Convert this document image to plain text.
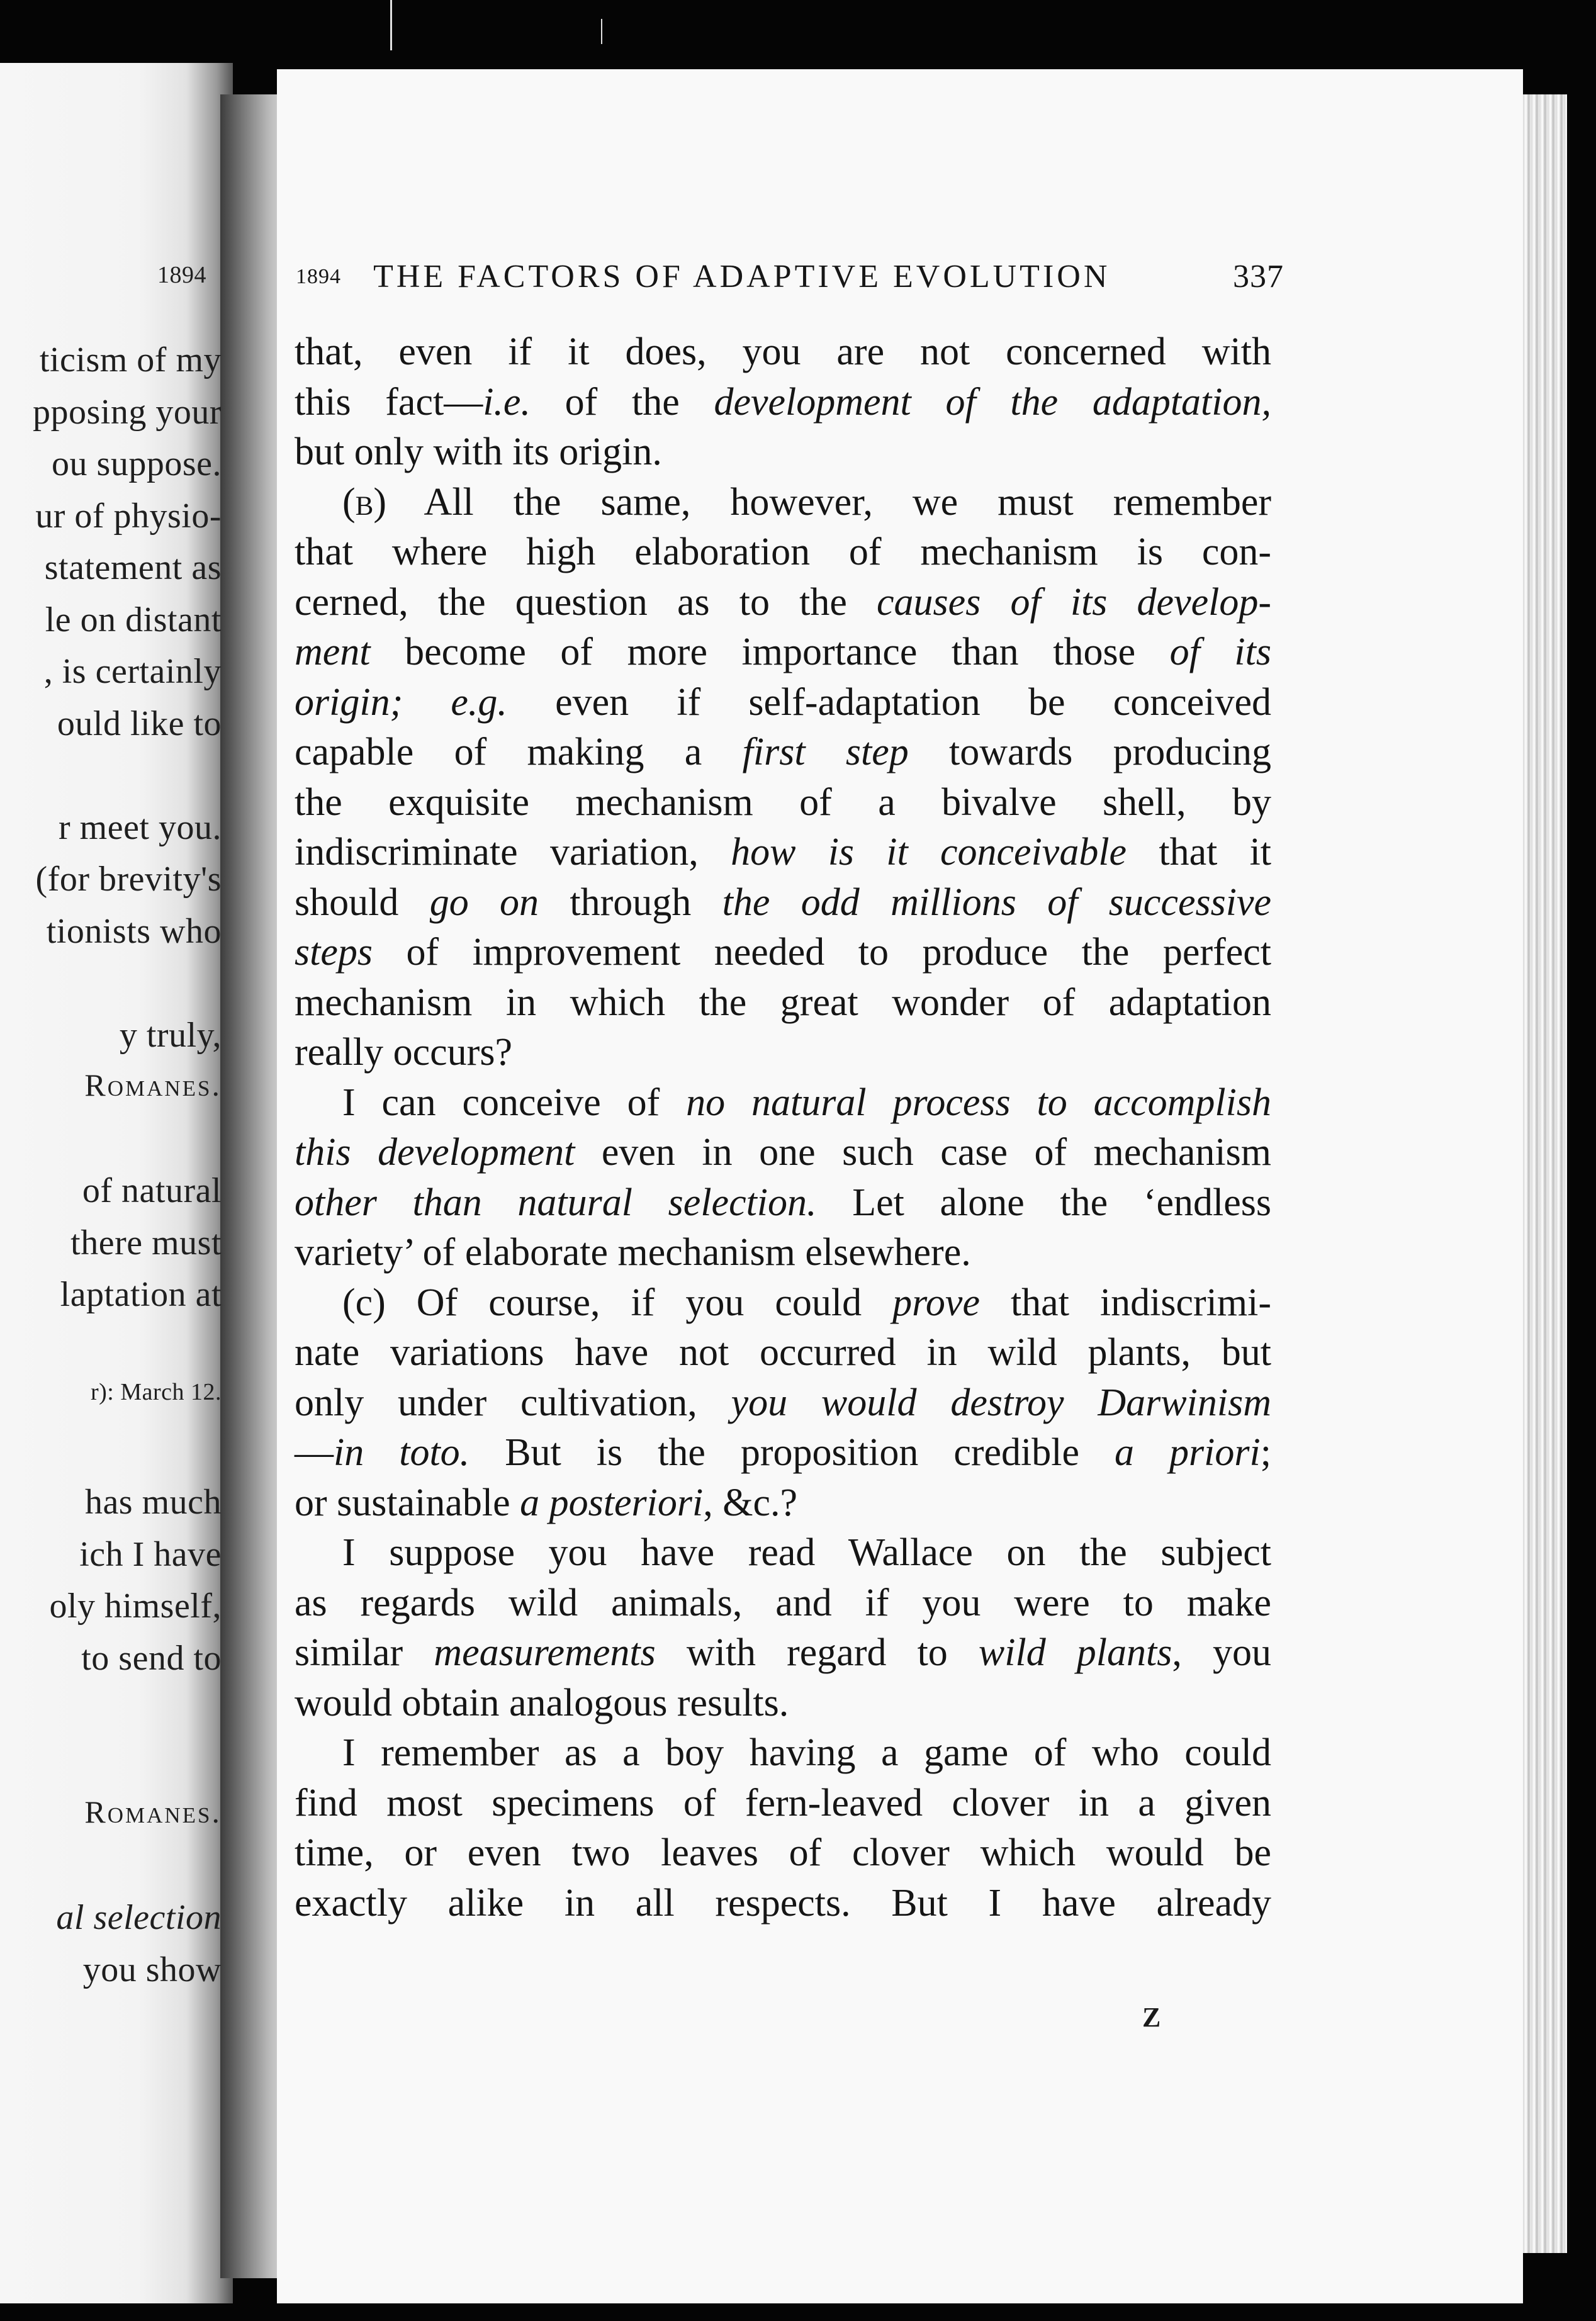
1894	1894 THE FACTORS OF ADAPTIVE EVOLUTION	337
that, even if it does, you are not concerned with
this fact—i.e. of the development of the adaptation,
but only with its origin.
(b) All the same, however, we must remember
that where high elaboration of mechanism is con-
cerned, the question as to the causes of its develop-
ment become of more importance than those of its
origin; e.g. even if self-adaptation be conceived
capable of making a first step towards producing
the exquisite mechanism of a bivalve shell, by
indiscriminate variation, how is it conceivable that it
should go on through the odd millions of successive
steps of improvement needed to produce the perfect
mechanism in which the great wonder of adaptation
really occurs?
I can conceive of no natural process to accomplish
this development even in one such case of mechanism
other than natural selection. Let alone the ‘endless
variety’ of elaborate mechanism elsewhere.
(c) Of course, if you could prove that indiscrimi-
nate variations have not occurred in wild plants, but
only under cultivation, you would destroy Darwinism
—in toto. But is the proposition credible a priori;
or sustainable a posteriori, &c.?
I suppose you have read Wallace on the subject
as regards wild animals, and if you were to make
similar measurements with regard to wild plants, you
would obtain analogous results.
I remember as a boy having a game of who could
find most specimens of fern-leaved clover in a given
time, or even two leaves of clover which would be
exactly alike in all respects. But I have already
Z
ticism of my
pposing your
ou suppose.
ur of physio-
statement as
le on distant
, is certainly
ould like to
r meet you.
(for brevity's
tionists who
y truly,
Romanes.
of natural
there must
laptation at
r): March 12.
has much
ich I have
oly himself,
to send to
Romanes.
al selection
you show
